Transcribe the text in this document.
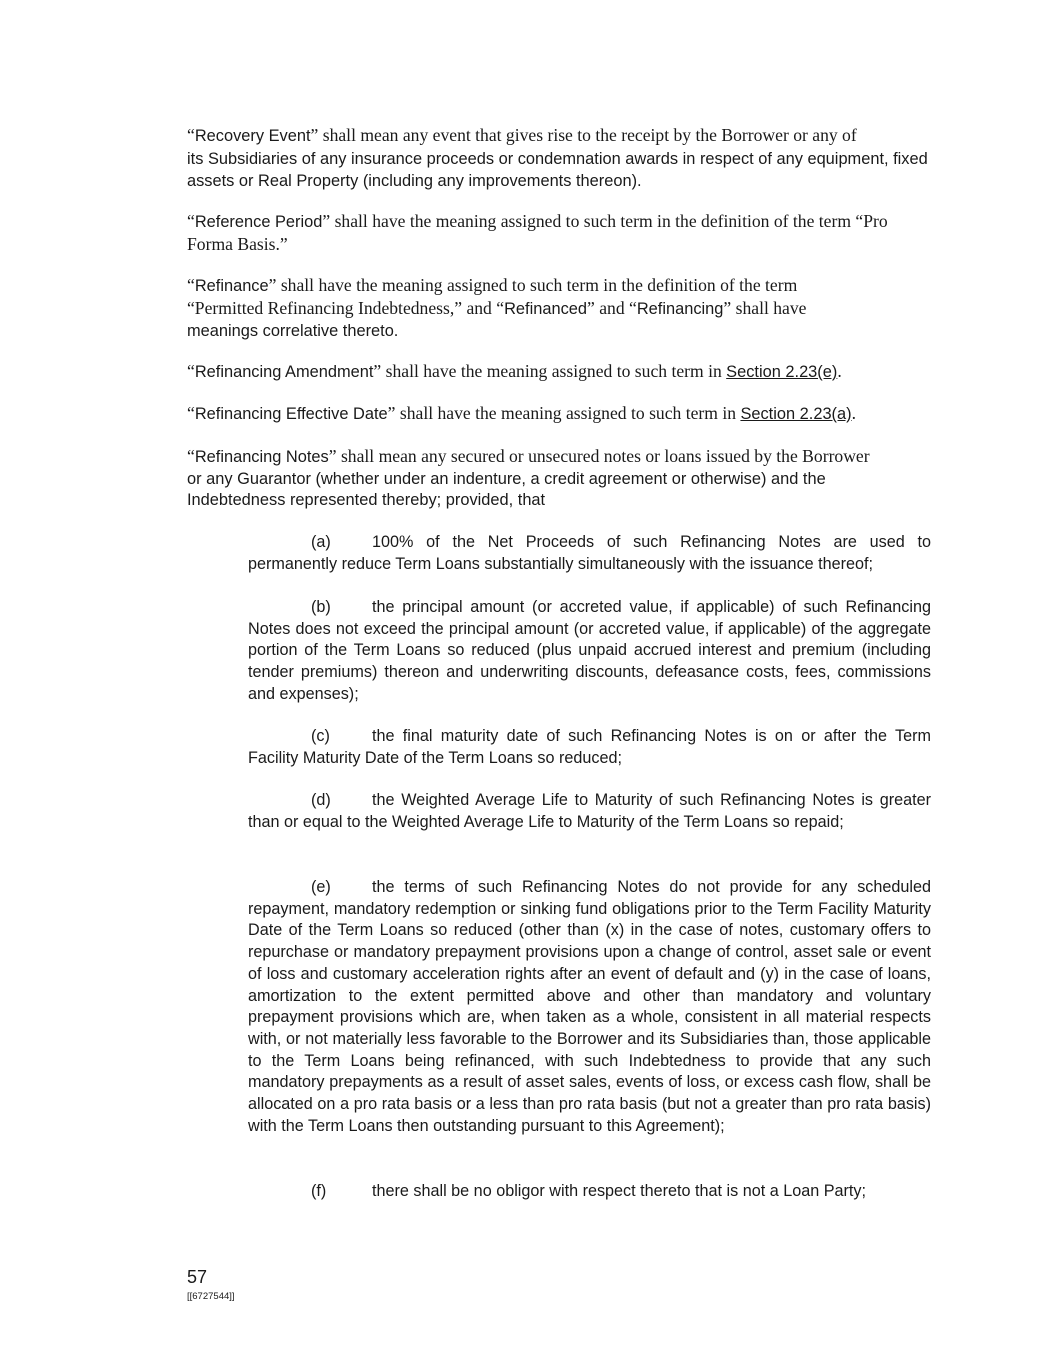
“Recovery Event” shall mean any event that gives rise to the receipt by the Borrower or any of
its Subsidiaries of any insurance proceeds or condemnation awards in respect of any equipment, fixed assets or Real Property (including any improvements thereon).

“Reference Period” shall have the meaning assigned to such term in the definition of the term “Pro Forma Basis.”

“Refinance” shall have the meaning assigned to such term in the definition of the term “Permitted Refinancing Indebtedness,” and “Refinanced” and “Refinancing” shall have
meanings correlative thereto.

“Refinancing Amendment” shall have the meaning assigned to such term in Section 2.23(e).

“Refinancing Effective Date” shall have the meaning assigned to such term in Section 2.23(a).

“Refinancing Notes” shall mean any secured or unsecured notes or loans issued by the Borrower
or any Guarantor (whether under an indenture, a credit agreement or otherwise) and the Indebtedness represented thereby; provided, that

(a)	100% of the Net Proceeds of such Refinancing Notes are used to permanently reduce Term Loans substantially simultaneously with the issuance thereof;

(b)	the principal amount (or accreted value, if applicable) of such Refinancing Notes does not exceed the principal amount (or accreted value, if applicable) of the aggregate portion of the Term Loans so reduced (plus unpaid accrued interest and premium (including tender premiums) thereon and underwriting discounts, defeasance costs, fees, commissions and expenses);

(c)	the final maturity date of such Refinancing Notes is on or after the Term Facility Maturity Date of the Term Loans so reduced;

(d)	the Weighted Average Life to Maturity of such Refinancing Notes is greater than or equal to the Weighted Average Life to Maturity of the Term Loans so repaid;

(e)	the terms of such Refinancing Notes do not provide for any scheduled repayment, mandatory redemption or sinking fund obligations prior to the Term Facility Maturity Date of the Term Loans so reduced (other than (x) in the case of notes, customary offers to repurchase or mandatory prepayment provisions upon a change of control, asset sale or event of loss and customary acceleration rights after an event of default and (y) in the case of loans, amortization to the extent permitted above and other than mandatory and voluntary prepayment provisions which are, when taken as a whole, consistent in all material respects with, or not materially less favorable to the Borrower and its Subsidiaries than, those applicable to the Term Loans being refinanced, with such Indebtedness to provide that any such mandatory prepayments as a result of asset sales, events of loss, or excess cash flow, shall be allocated on a pro rata basis or a less than pro rata basis (but not a greater than pro rata basis) with the Term Loans then outstanding pursuant to this Agreement);

(f)	there shall be no obligor with respect thereto that is not a Loan Party;

57

[[6727544]]
